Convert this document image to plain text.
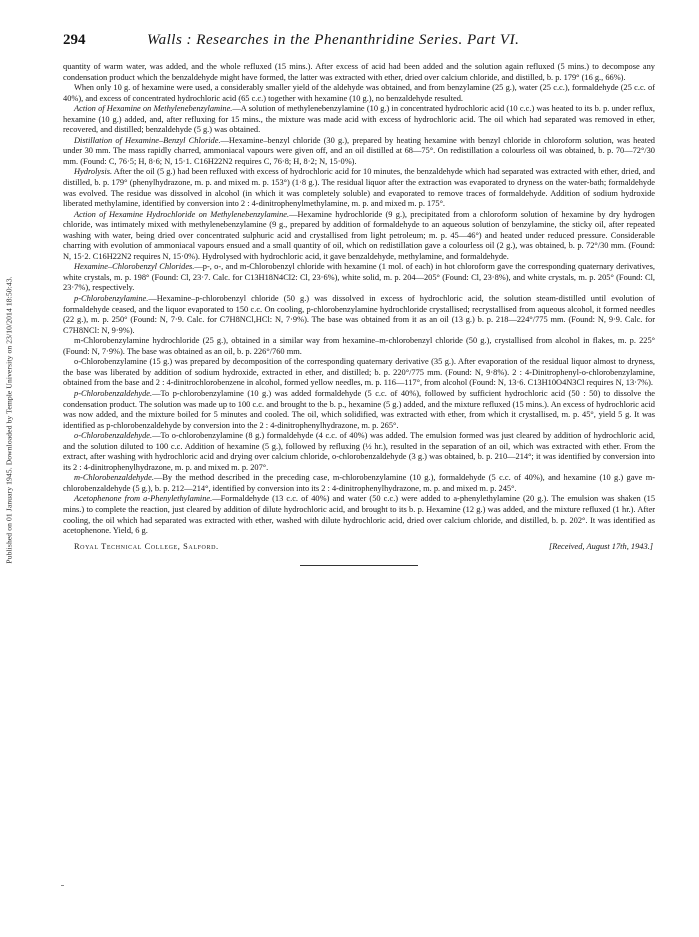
Published on 01 January 1945. Downloaded by Temple University on 23/10/2014 18:50:43.
294	Walls : Researches in the Phenanthridine Series. Part VI.

quantity of warm water, was added, and the whole refluxed (15 mins.). After excess of acid had been added and the solution again refluxed (5 mins.) to decompose any condensation product which the benzaldehyde might have formed, the latter was extracted with ether, dried over calcium chloride, and distilled, b. p. 179° (16 g., 66%).

When only 10 g. of hexamine were used, a considerably smaller yield of the aldehyde was obtained, and from benzylamine (25 g.), water (25 c.c.), formaldehyde (25 c.c. of 40%), and excess of concentrated hydrochloric acid (65 c.c.) together with hexamine (10 g.), no benzaldehyde resulted.

Action of Hexamine on Methylenebenzylamine.—A solution of methylenebenzylamine (10 g.) in concentrated hydrochloric acid (10 c.c.) was heated to its b. p. under reflux, hexamine (10 g.) added, and, after refluxing for 15 mins., the mixture was made acid with excess of hydrochloric acid. The oil which had separated was removed in ether, recovered, and distilled; benzaldehyde (5 g.) was obtained.

Distillation of Hexamine–Benzyl Chloride.—Hexamine–benzyl chloride (30 g.), prepared by heating hexamine with benzyl chloride in chloroform solution, was heated under 30 mm. The mass rapidly charred, ammoniacal vapours were given off, and an oil distilled at 68—75°. On redistillation a colourless oil was obtained, b. p. 70—72°/30 mm. (Found: C, 76·5; H, 8·6; N, 15·1. C16H22N2 requires C, 76·8; H, 8·2; N, 15·0%).

Hydrolysis. After the oil (5 g.) had been refluxed with excess of hydrochloric acid for 10 minutes, the benzaldehyde which had separated was extracted with ether, dried, and distilled, b. p. 179° (phenylhydrazone, m. p. and mixed m. p. 153°) (1·8 g.). The residual liquor after the extraction was evaporated to dryness on the water-bath; formaldehyde was evolved. The residue was dissolved in alcohol (in which it was completely soluble) and evaporated to remove traces of formaldehyde. Addition of sodium hydroxide liberated methylamine, identified by conversion into 2 : 4-dinitrophenylmethylamine, m. p. and mixed m. p. 175°.

Action of Hexamine Hydrochloride on Methylenebenzylamine.—Hexamine hydrochloride (9 g.), precipitated from a chloroform solution of hexamine by dry hydrogen chloride, was intimately mixed with methylenebenzylamine (9 g., prepared by addition of formaldehyde to an aqueous solution of benzylamine, the sticky oil, after repeated washing with water, being dried over concentrated sulphuric acid and crystallised from light petroleum; m. p. 45—46°) and heated under reduced pressure. Considerable charring with evolution of ammoniacal vapours ensued and a small quantity of oil, which on redistillation gave a colourless oil (2 g.), was obtained, b. p. 72°/30 mm. (Found: N, 15·2. C16H22N2 requires N, 15·0%). Hydrolysed with hydrochloric acid, it gave benzaldehyde, methylamine, and formaldehyde.

Hexamine–Chlorobenzyl Chlorides.—p-, o-, and m-Chlorobenzyl chloride with hexamine (1 mol. of each) in hot chloroform gave the corresponding quaternary derivatives, white crystals, m. p. 198° (Found: Cl, 23·7. Calc. for C13H18N4Cl2: Cl, 23·6%), white solid, m. p. 204—205° (Found: Cl, 23·8%), and white crystals, m. p. 205° (Found: Cl, 23·7%), respectively.

p-Chlorobenzylamine.—Hexamine–p-chlorobenzyl chloride (50 g.) was dissolved in excess of hydrochloric acid, the solution steam-distilled until evolution of formaldehyde ceased, and the liquor evaporated to 150 c.c. On cooling, p-chlorobenzylamine hydrochloride crystallised; recrystallised from aqueous alcohol, it formed needles (22 g.), m. p. 250° (Found: N, 7·9. Calc. for C7H8NCl,HCl: N, 7·9%). The base was obtained from it as an oil (13 g.) b. p. 218—224°/775 mm. (Found: N, 9·9. Calc. for C7H8NCl: N, 9·9%).

m-Chlorobenzylamine hydrochloride (25 g.), obtained in a similar way from hexamine–m-chlorobenzyl chloride (50 g.), crystallised from alcohol in flakes, m. p. 225° (Found: N, 7·9%). The base was obtained as an oil, b. p. 226°/760 mm.

o-Chlorobenzylamine (15 g.) was prepared by decomposition of the corresponding quaternary derivative (35 g.). After evaporation of the residual liquor almost to dryness, the base was liberated by addition of sodium hydroxide, extracted in ether, and distilled; b. p. 220°/775 mm. (Found: N, 9·8%). 2 : 4-Dinitrophenyl-o-chlorobenzylamine, obtained from the base and 2 : 4-dinitrochlorobenzene in alcohol, formed yellow needles, m. p. 116—117°, from alcohol (Found: N, 13·6. C13H10O4N3Cl requires N, 13·7%).

p-Chlorobenzaldehyde.—To p-chlorobenzylamine (10 g.) was added formaldehyde (5 c.c. of 40%), followed by sufficient hydrochloric acid (50 : 50) to dissolve the condensation product. The solution was made up to 100 c.c. and brought to the b. p., hexamine (5 g.) added, and the mixture refluxed (15 mins.). An excess of hydrochloric acid was now added, and the mixture boiled for 5 minutes and cooled. The oil, which solidified, was extracted with ether, from which it crystallised, m. p. 45°, yield 5 g. It was identified as p-chlorobenzaldehyde by conversion into the 2 : 4-dinitrophenylhydrazone, m. p. 265°.

o-Chlorobenzaldehyde.—To o-chlorobenzylamine (8 g.) formaldehyde (4 c.c. of 40%) was added. The emulsion formed was just cleared by addition of hydrochloric acid, and the solution diluted to 100 c.c. Addition of hexamine (5 g.), followed by refluxing (½ hr.), resulted in the separation of an oil, which was extracted with ether. From the extract, after washing with hydrochloric acid and drying over calcium chloride, o-chlorobenzaldehyde (3 g.) was obtained, b. p. 210—214°; it was identified by conversion into its 2 : 4-dinitrophenylhydrazone, m. p. and mixed m. p. 207°.

m-Chlorobenzaldehyde.—By the method described in the preceding case, m-chlorobenzylamine (10 g.), formaldehyde (5 c.c. of 40%), and hexamine (10 g.) gave m-chlorobenzaldehyde (5 g.), b. p. 212—214°, identified by conversion into its 2 : 4-dinitrophenylhydrazone, m. p. and mixed m. p. 245°.

Acetophenone from a-Phenylethylamine.—Formaldehyde (13 c.c. of 40%) and water (50 c.c.) were added to a-phenylethylamine (20 g.). The emulsion was shaken (15 mins.) to complete the reaction, just cleared by addition of dilute hydrochloric acid, and brought to its b. p. Hexamine (12 g.) was added, and the mixture refluxed (1 hr.). After cooling, the oil which had separated was extracted with ether, washed with dilute hydrochloric acid, dried over calcium chloride, and distilled, b. p. 202°. It was identified as acetophenone. Yield, 6 g.

Royal Technical College, Salford.	[Received, August 17th, 1943.]
